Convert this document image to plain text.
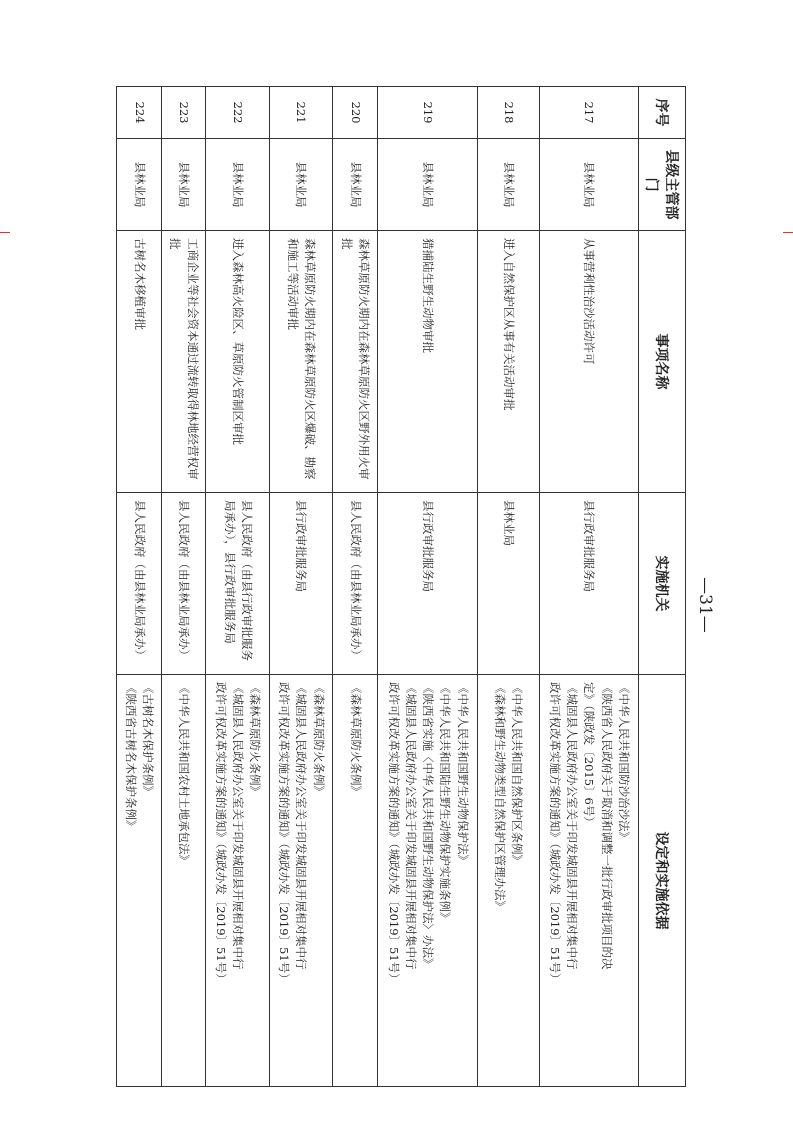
序号	县级主管部门	事项名称	实施机关	设定和实施依据
217	县林业局	从事营利性治沙活动许可	县行政审批服务局	《中华人民共和国防沙治沙法》
《陕西省人民政府关于取消和调整一批行政审批项目的决
定》（陕政发〔2015〕6号）
《城固县人民政府办公室关于印发城固县开展相对集中行
政许可权改革实施方案的通知》（城政办发〔2019〕51号）

218	县林业局	进入自然保护区从事有关活动审批	县林业局	《中华人民共和国自然保护区条例》
《森林和野生动物类型自然保护区管理办法》

219	县林业局	猎捕陆生野生动物审批	县行政审批服务局	《中华人民共和国野生动物保护法》
《中华人民共和国陆生野生动物保护实施条例》
《陕西省实施〈中华人民共和国野生动物保护法〉办法》
《城固县人民政府办公室关于印发城固县开展相对集中行
政许可权改革实施方案的通知》（城政办发〔2019〕51号）

220	县林业局	森林草原防火期内在森林草原防火区野外用火审批	县人民政府（由县林业局承办）	《森林草原防火条例》

221	县林业局	森林草原防火期内在森林草原防火区爆破、勘察和施工等活动审批	县行政审批服务局	《森林草原防火条例》
《城固县人民政府办公室关于印发城固县开展相对集中行
政许可权改革实施方案的通知》（城政办发〔2019〕51号）

222	县林业局	进入森林高火险区、草原防火管制区审批	县人民政府（由县行政审批服务局承办），县行政审批服务局	《森林草原防火条例》
《城固县人民政府办公室关于印发城固县开展相对集中行
政许可权改革实施方案的通知》（城政办发〔2019〕51号）

223	县林业局	工商企业等社会资本通过流转取得林地经营权审批	县人民政府（由县林业局承办）	《中华人民共和国农村土地承包法》

224	县林业局	古树名木移植审批	县人民政府（由县林业局承办）	《古树名木保护条例》
《陕西省古树名木保护条例》
—31—
